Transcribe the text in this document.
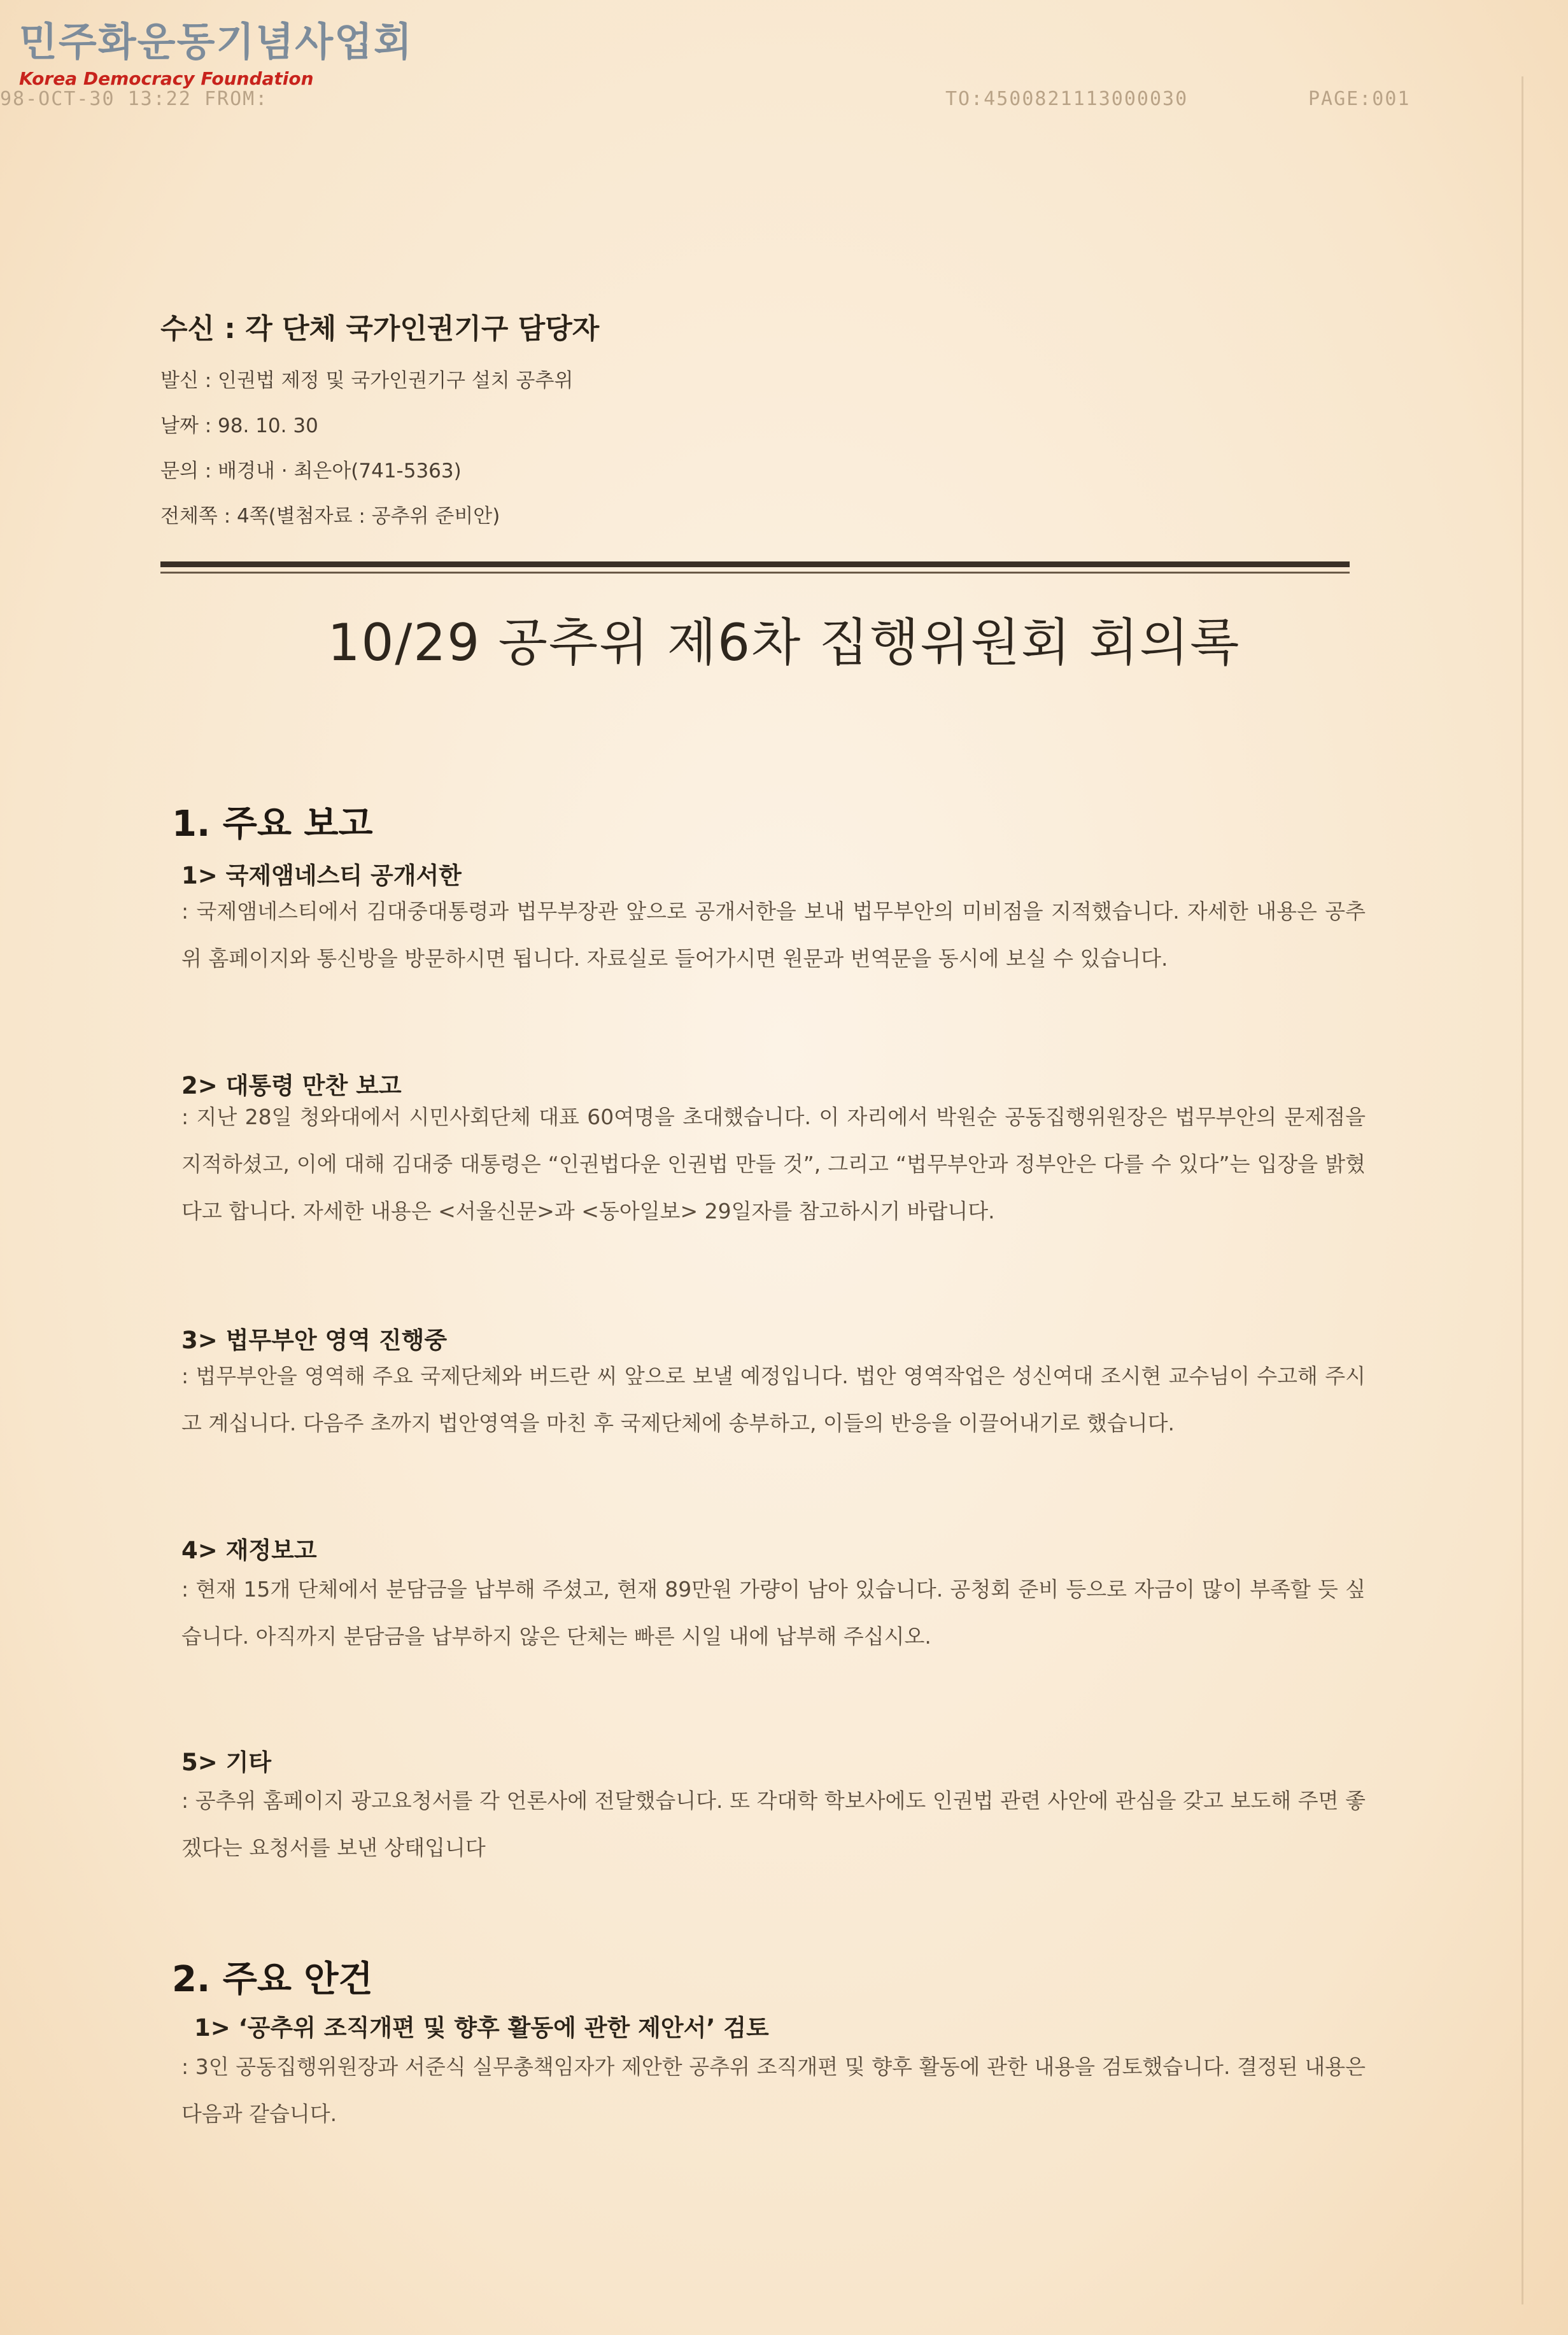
민주화운동기념사업회
Korea Democracy Foundation
98-OCT-30 13:22 FROM:	TO:4500821113000030	PAGE:001
수신 : 각 단체 국가인권기구 담당자
발신 : 인권법 제정 및 국가인권기구 설치 공추위
날짜 : 98. 10. 30
문의 : 배경내 · 최은아(741-5363)
전체쪽 : 4쪽(별첨자료 : 공추위 준비안)
10/29 공추위 제6차 집행위원회 회의록
1. 주요 보고
1> 국제앰네스티 공개서한
: 국제앰네스티에서 김대중대통령과 법무부장관 앞으로 공개서한을 보내 법무부안의 미비점을 지적했습니다. 자세한 내용은 공추위 홈페이지와 통신방을 방문하시면 됩니다. 자료실로 들어가시면 원문과 번역문을 동시에 보실 수 있습니다.
2> 대통령 만찬 보고
: 지난 28일 청와대에서 시민사회단체 대표 60여명을 초대했습니다. 이 자리에서 박원순 공동집행위원장은 법무부안의 문제점을 지적하셨고, 이에 대해 김대중 대통령은 “인권법다운 인권법 만들 것”, 그리고 “법무부안과 정부안은 다를 수 있다”는 입장을 밝혔다고 합니다. 자세한 내용은 <서울신문>과 <동아일보> 29일자를 참고하시기 바랍니다.
3> 법무부안 영역 진행중
: 법무부안을 영역해 주요 국제단체와 버드란 씨 앞으로 보낼 예정입니다. 법안 영역작업은 성신여대 조시현 교수님이 수고해 주시고 계십니다. 다음주 초까지 법안영역을 마친 후 국제단체에 송부하고, 이들의 반응을 이끌어내기로 했습니다.
4> 재정보고
: 현재 15개 단체에서 분담금을 납부해 주셨고, 현재 89만원 가량이 남아 있습니다. 공청회 준비 등으로 자금이 많이 부족할 듯 싶습니다. 아직까지 분담금을 납부하지 않은 단체는 빠른 시일 내에 납부해 주십시오.
5> 기타
: 공추위 홈페이지 광고요청서를 각 언론사에 전달했습니다. 또 각대학 학보사에도 인권법 관련 사안에 관심을 갖고 보도해 주면 좋겠다는 요청서를 보낸 상태입니다
2. 주요 안건
1> ‘공추위 조직개편 및 향후 활동에 관한 제안서’ 검토
: 3인 공동집행위원장과 서준식 실무총책임자가 제안한 공추위 조직개편 및 향후 활동에 관한 내용을 검토했습니다. 결정된 내용은 다음과 같습니다.
